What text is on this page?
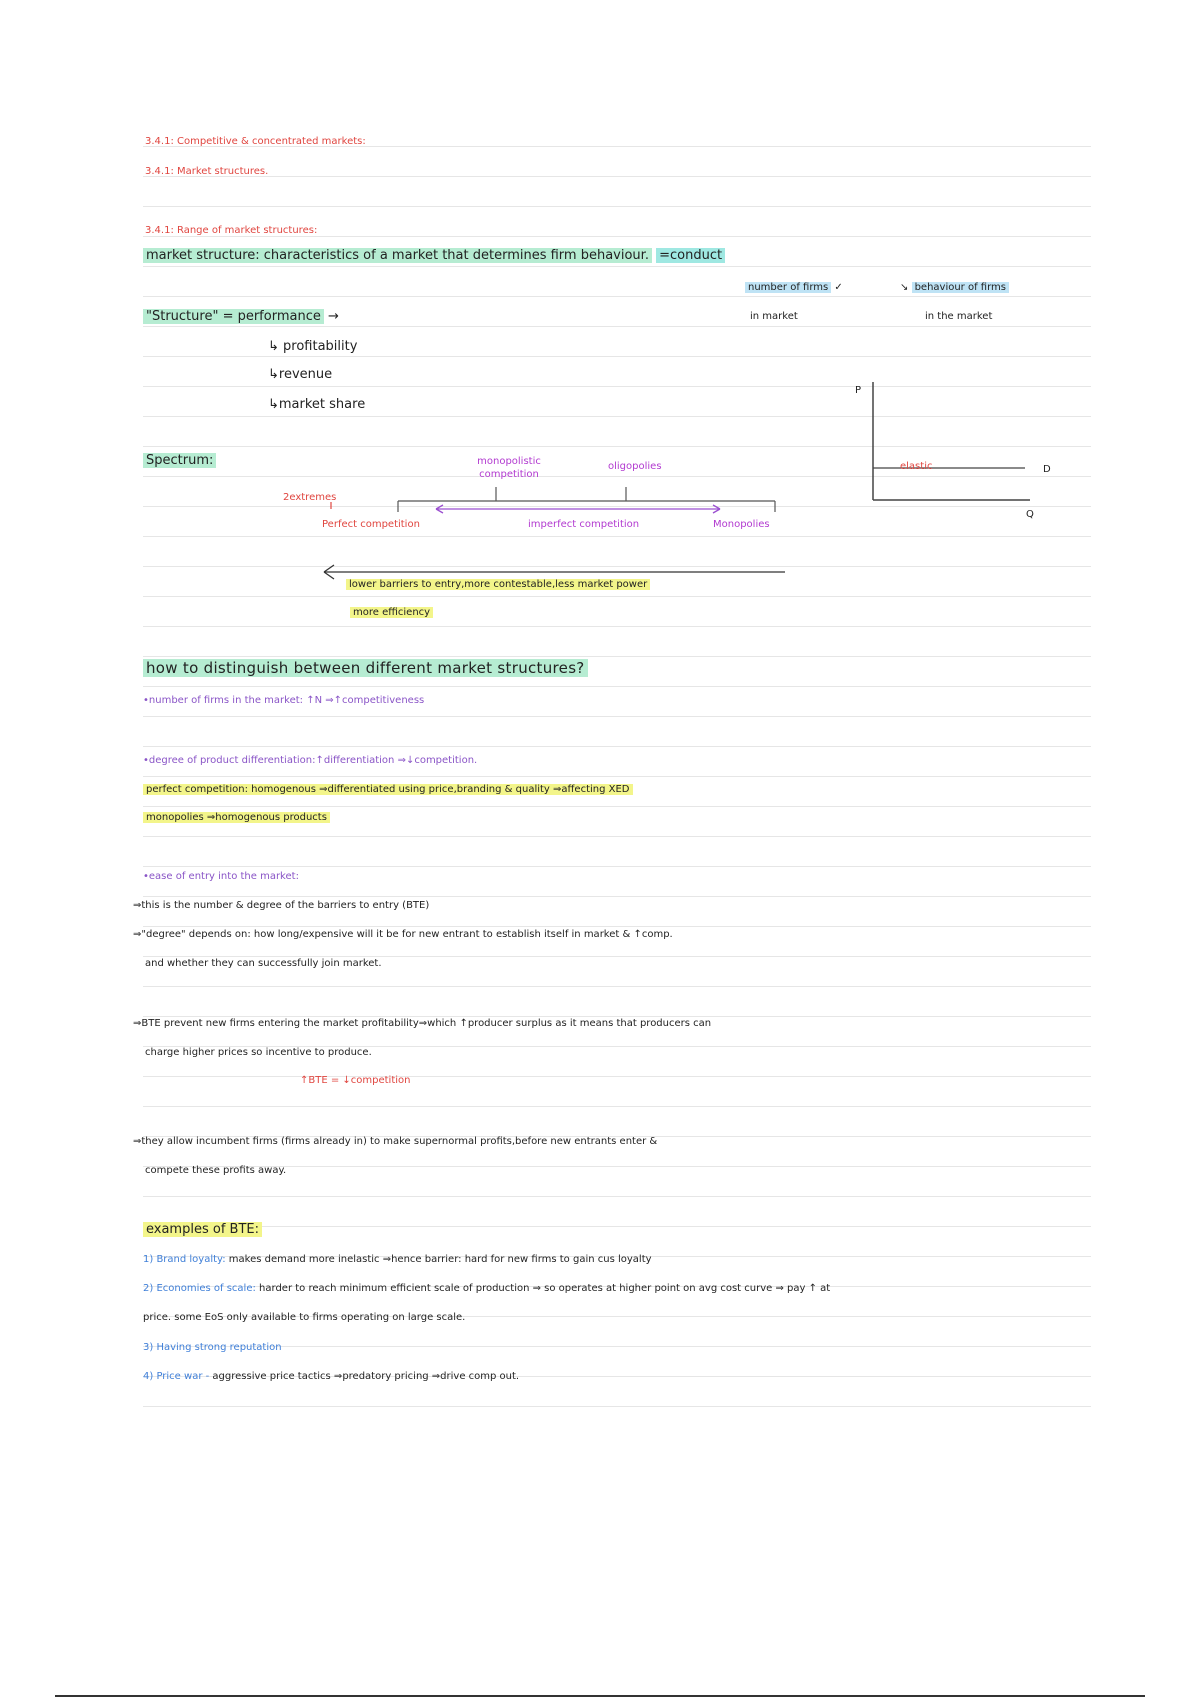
3.4.1: Competitive & concentrated markets:
3.4.1: Market structures.
3.4.1: Range of market structures:
market structure: characteristics of a market that determines firm behaviour. =conduct
number of firms ✓
in market
↘ behaviour of firms
in the market
"Structure" = performance →
↳ profitability
↳revenue
↳market share
P
Q
elastic	D
Spectrum:	monopolistic competition
oligopolies
2extremes
Perfect competition	imperfect competition	Monopolies
lower barriers to entry,more contestable,less market power
more efficiency
how to distinguish between different market structures?
•number of firms in the market: ↑N ⇒↑competitiveness
•degree of product differentiation:↑differentiation ⇒↓competition.
perfect competition: homogenous ⇒differentiated using price,branding & quality ⇒affecting XED
monopolies ⇒homogenous products
•ease of entry into the market:
⇒this is the number & degree of the barriers to entry (BTE)
⇒"degree" depends on: how long/expensive will it be for new entrant to establish itself in market & ↑comp.
and whether they can successfully join market.
⇒BTE prevent new firms entering the market profitability⇒which ↑producer surplus as it means that producers can
charge higher prices so incentive to produce.
↑BTE = ↓competition
⇒they allow incumbent firms (firms already in) to make supernormal profits,before new entrants enter &
compete these profits away.
examples of BTE:
1) Brand loyalty: makes demand more inelastic ⇒hence barrier: hard for new firms to gain cus loyalty
2) Economies of scale: harder to reach minimum efficient scale of production ⇒ so operates at higher point on avg cost curve ⇒ pay ↑ at
price. some EoS only available to firms operating on large scale.
3) Having strong reputation
4) Price war - aggressive price tactics ⇒predatory pricing ⇒drive comp out.
